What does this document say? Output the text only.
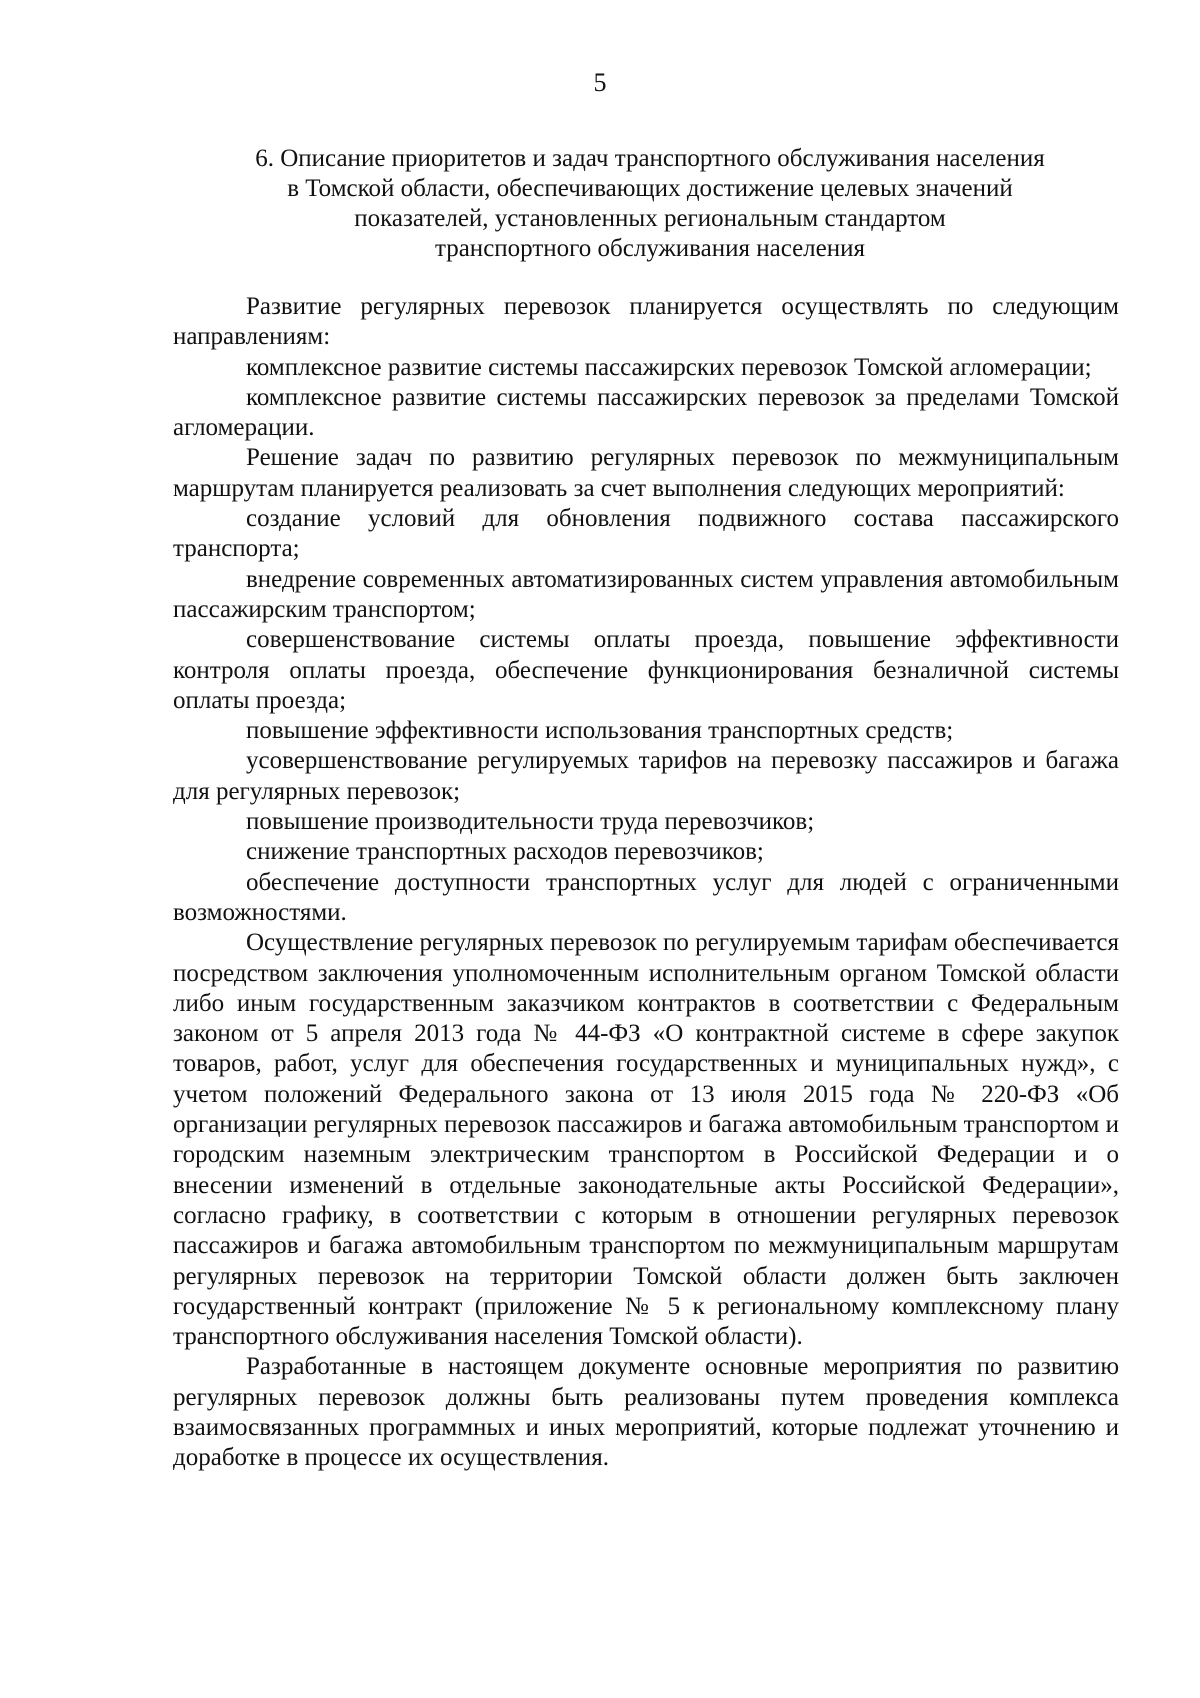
5
6. Описание приоритетов и задач транспортного обслуживания населения
в Томской области, обеспечивающих достижение целевых значений
показателей, установленных региональным стандартом
транспортного обслуживания населения

Развитие регулярных перевозок планируется осуществлять по следующим направлениям:

комплексное развитие системы пассажирских перевозок Томской агломерации;

комплексное развитие системы пассажирских перевозок за пределами Томской агломерации.

Решение задач по развитию регулярных перевозок по межмуниципальным маршрутам планируется реализовать за счет выполнения следующих мероприятий:

создание условий для обновления подвижного состава пассажирского транспорта;

внедрение современных автоматизированных систем управления автомобильным пассажирским транспортом;

совершенствование системы оплаты проезда, повышение эффективности контроля оплаты проезда, обеспечение функционирования безналичной системы оплаты проезда;

повышение эффективности использования транспортных средств;

усовершенствование регулируемых тарифов на перевозку пассажиров и багажа для регулярных перевозок;

повышение производительности труда перевозчиков;

снижение транспортных расходов перевозчиков;

обеспечение доступности транспортных услуг для людей с ограниченными возможностями.

Осуществление регулярных перевозок по регулируемым тарифам обеспечивается посредством заключения уполномоченным исполнительным органом Томской области либо иным государственным заказчиком контрактов в соответствии с Федеральным законом от 5 апреля 2013 года № 44-ФЗ «О контрактной системе в сфере закупок товаров, работ, услуг для обеспечения государственных и муниципальных нужд», с учетом положений Федерального закона от 13 июля 2015 года № 220-ФЗ «Об организации регулярных перевозок пассажиров и багажа автомобильным транспортом и городским наземным электрическим транспортом в Российской Федерации и о внесении изменений в отдельные законодательные акты Российской Федерации», согласно графику, в соответствии с которым в отношении регулярных перевозок пассажиров и багажа автомобильным транспортом по межмуниципальным маршрутам регулярных перевозок на территории Томской области должен быть заключен государственный контракт (приложение № 5 к региональному комплексному плану транспортного обслуживания населения Томской области).

Разработанные в настоящем документе основные мероприятия по развитию регулярных перевозок должны быть реализованы путем проведения комплекса взаимосвязанных программных и иных мероприятий, которые подлежат уточнению и доработке в процессе их осуществления.
